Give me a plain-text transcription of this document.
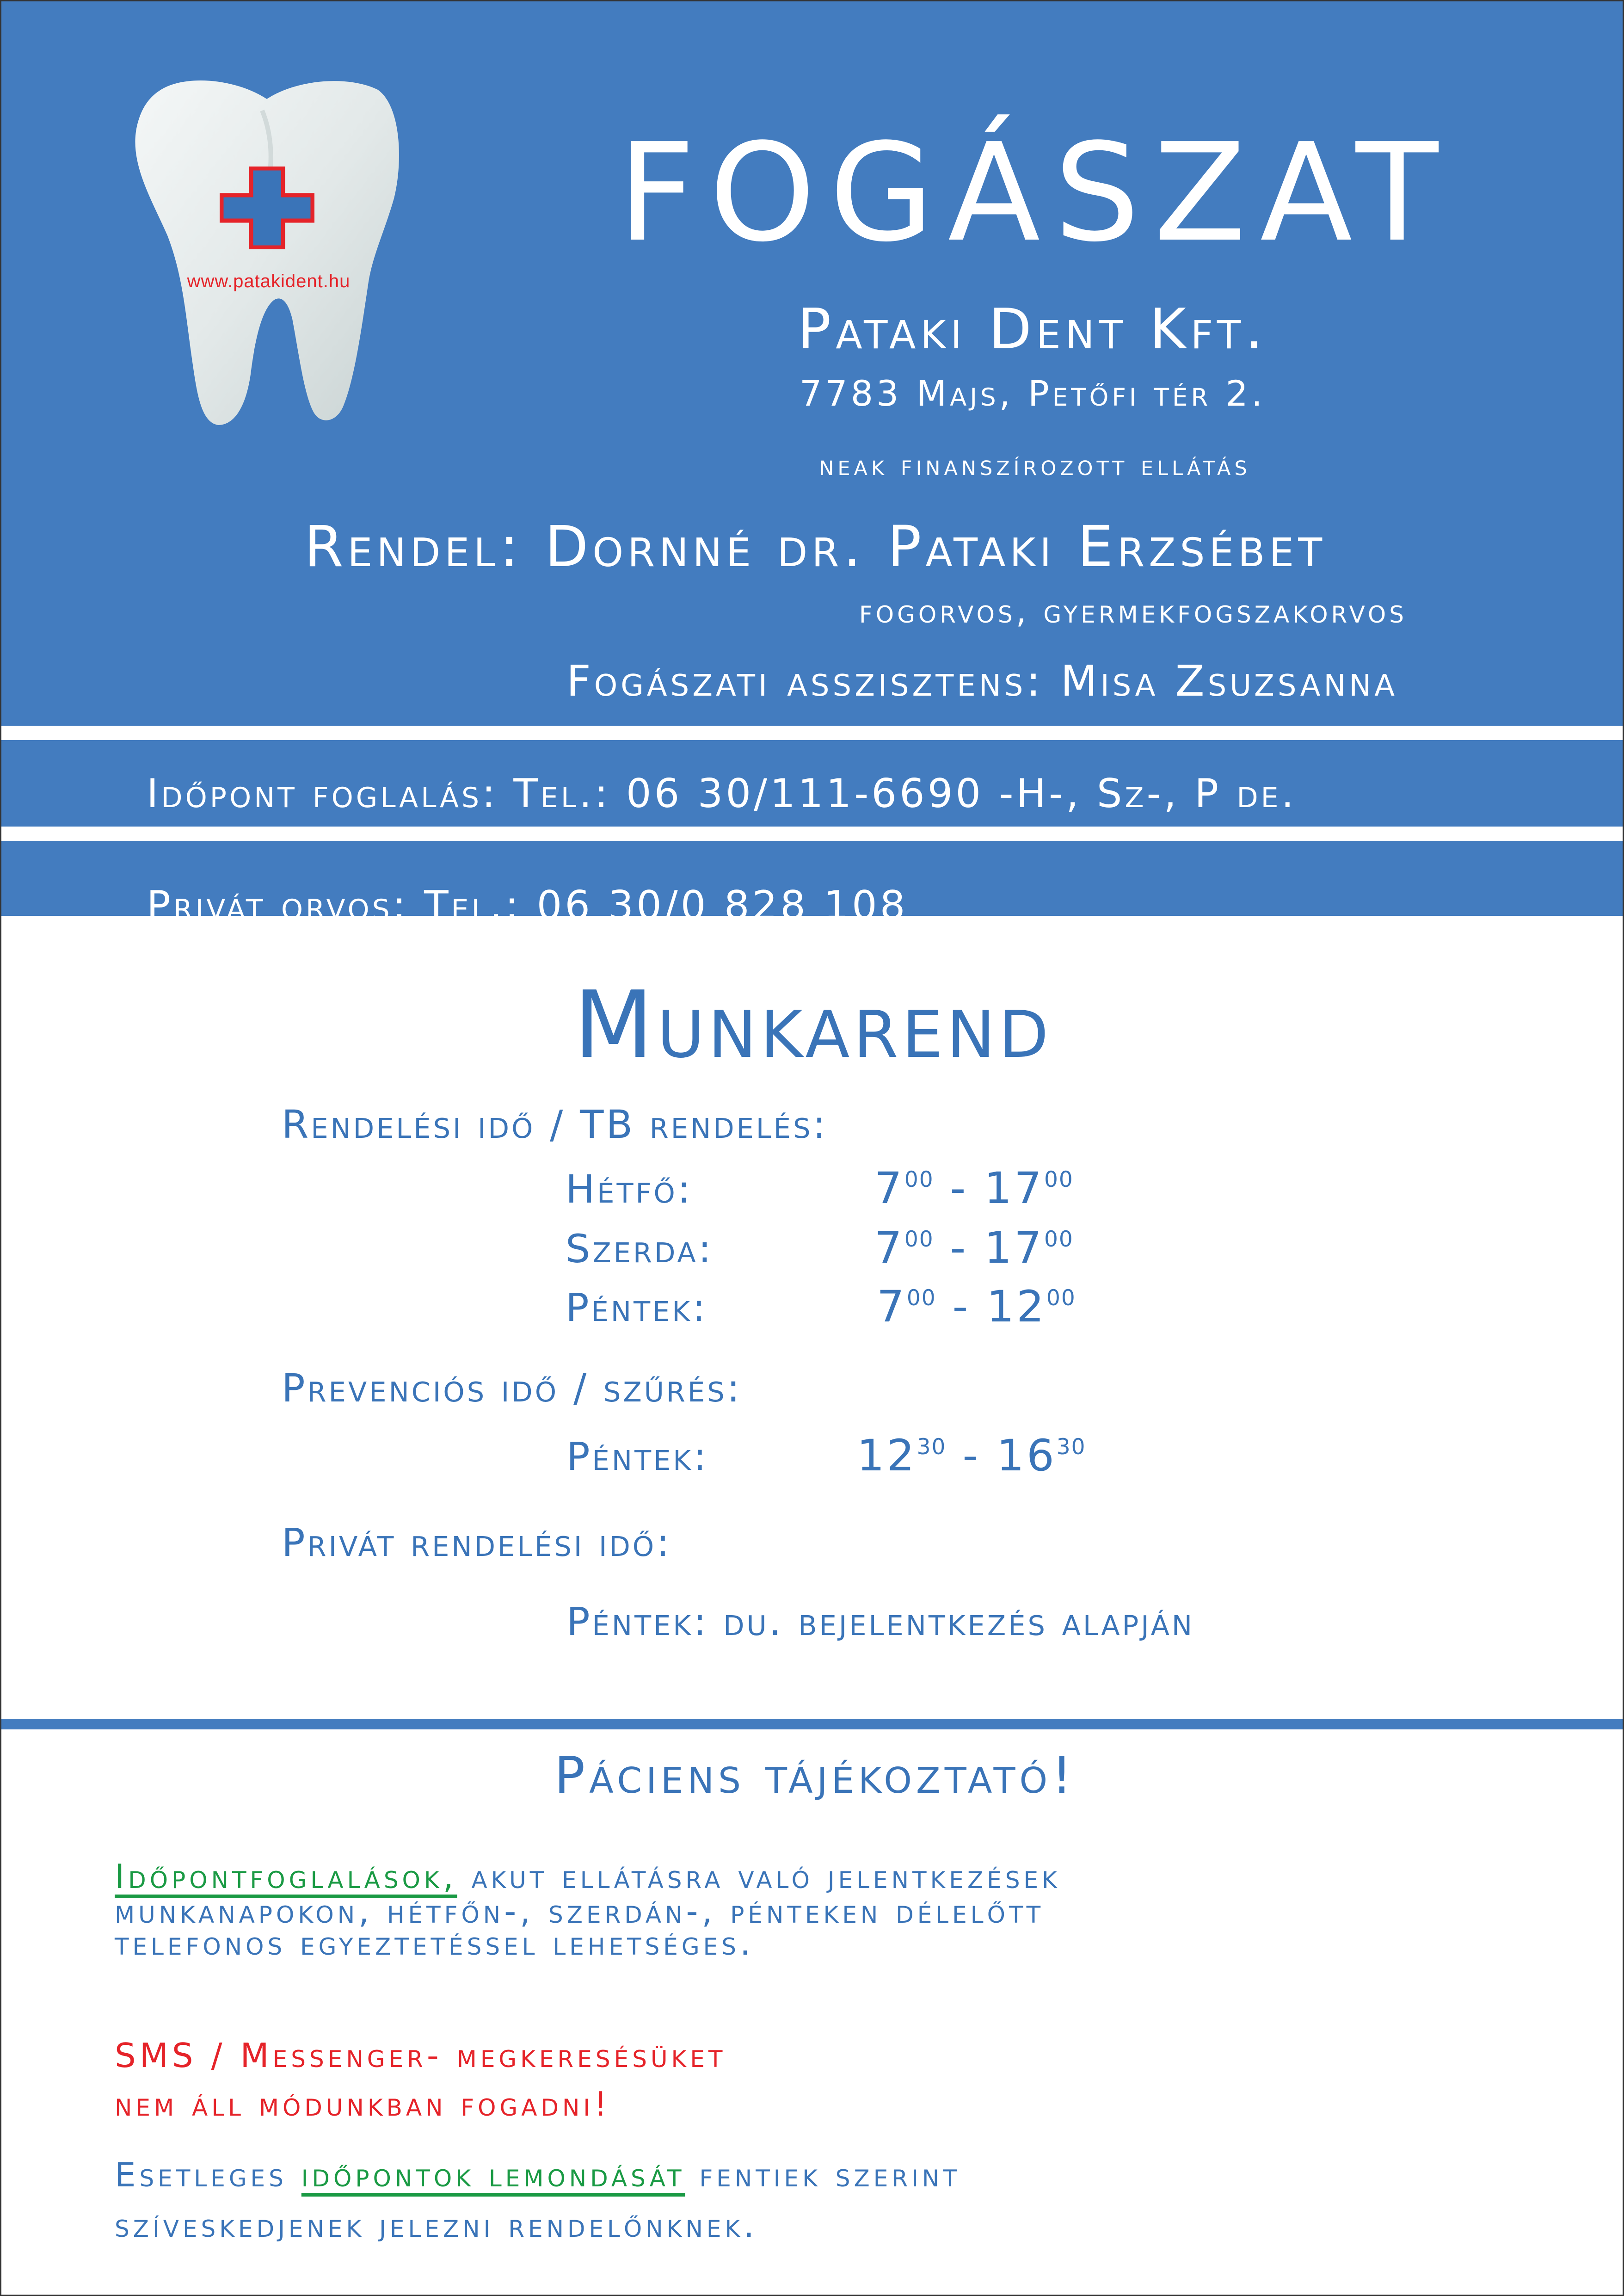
www.patakident.hu
FOGÁSZAT
Pataki Dent Kft.
7783 Majs, Petőfi tér 2.
neak finanszírozott ellátás
Rendel: Dornné dr. Pataki Erzsébet
fogorvos, gyermekfogszakorvos
Fogászati asszisztens: Misa Zsuzsanna
Időpont foglalás: Tel.: 06 30/111-6690 -H-, Sz-, P de.
Privát orvos: Tel.: 06 30/0 828 108
Munkarend
Rendelési idő / TB rendelés:
Hétfő:	$7^{00} - 17^{00}$
Szerda:	$7^{00} - 17^{00}$
Péntek:	$7^{00} - 12^{00}$
Prevenciós idő / szűrés:
Péntek:	$12^{30} - 16^{30}$
Privát rendelési idő:
Péntek: du. bejelentkezés alapján
Páciens tájékoztató!
Időpontfoglalások, akut ellátásra való jelentkezések
munkanapokon, hétfőn-, szerdán-, pénteken délelőtt
telefonos egyeztetéssel lehetséges.
SMS / Messenger- megkeresésüket
nem áll módunkban fogadni!
Esetleges időpontok lemondását fentiek szerint
szíveskedjenek jelezni rendelőnknek.
